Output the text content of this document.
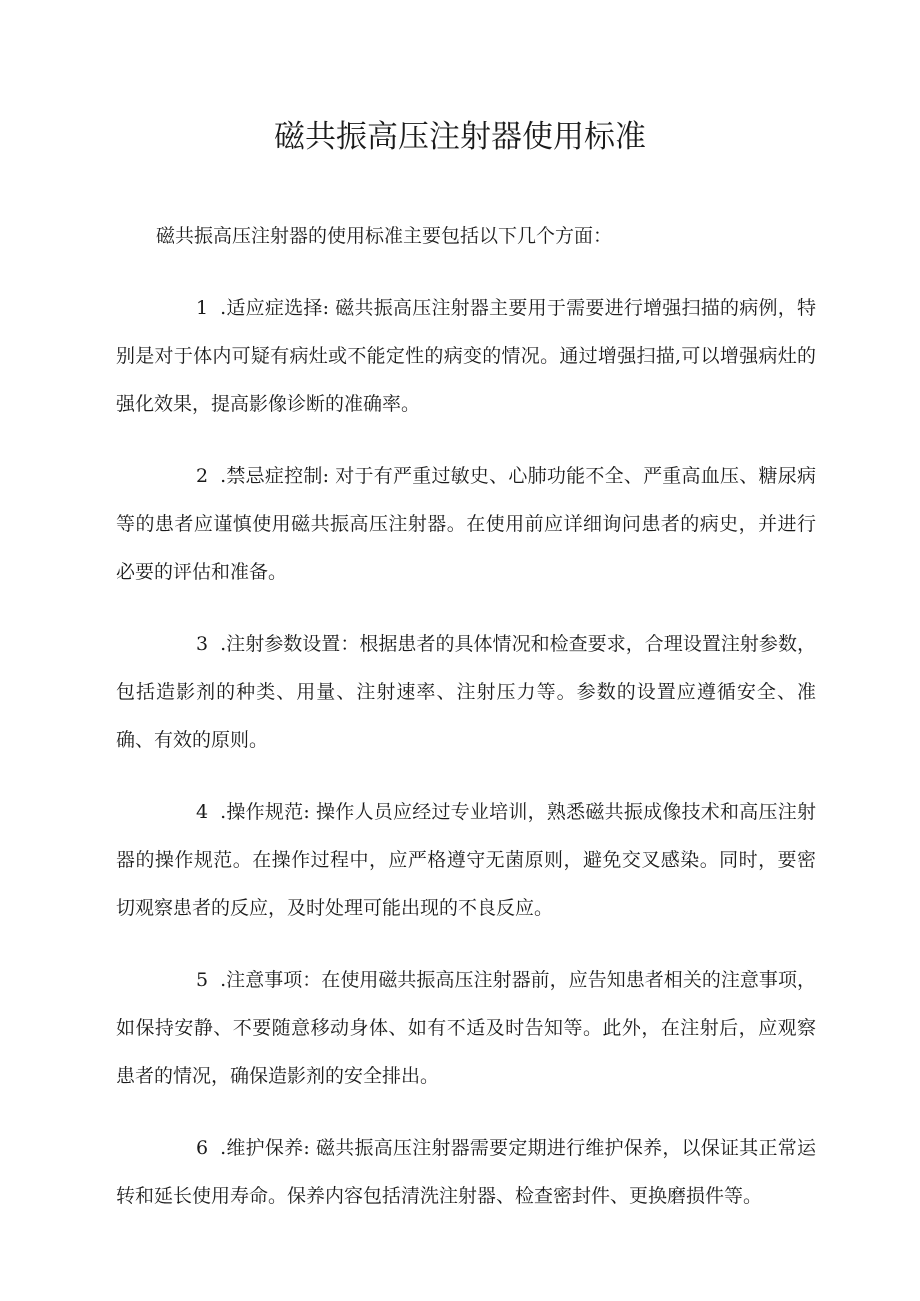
磁共振高压注射器使用标准

磁共振高压注射器的使用标准主要包括以下几个方面：

1 .适应症选择: 磁共振高压注射器主要用于需要进行增强扫描的病例，特别是对于体内可疑有病灶或不能定性的病变的情况。通过增强扫描,可以增强病灶的强化效果，提高影像诊断的准确率。

2 .禁忌症控制: 对于有严重过敏史、心肺功能不全、严重高血压、糖尿病等的患者应谨慎使用磁共振高压注射器。在使用前应详细询问患者的病史，并进行必要的评估和准备。

3 .注射参数设置：根据患者的具体情况和检查要求，合理设置注射参数，包括造影剂的种类、用量、注射速率、注射压力等。参数的设置应遵循安全、准确、有效的原则。

4 .操作规范: 操作人员应经过专业培训，熟悉磁共振成像技术和高压注射器的操作规范。在操作过程中，应严格遵守无菌原则，避免交叉感染。同时，要密切观察患者的反应，及时处理可能出现的不良反应。

5 .注意事项：在使用磁共振高压注射器前，应告知患者相关的注意事项，如保持安静、不要随意移动身体、如有不适及时告知等。此外，在注射后，应观察患者的情况，确保造影剂的安全排出。

6 .维护保养: 磁共振高压注射器需要定期进行维护保养，以保证其正常运转和延长使用寿命。保养内容包括清洗注射器、检查密封件、更换磨损件等。
